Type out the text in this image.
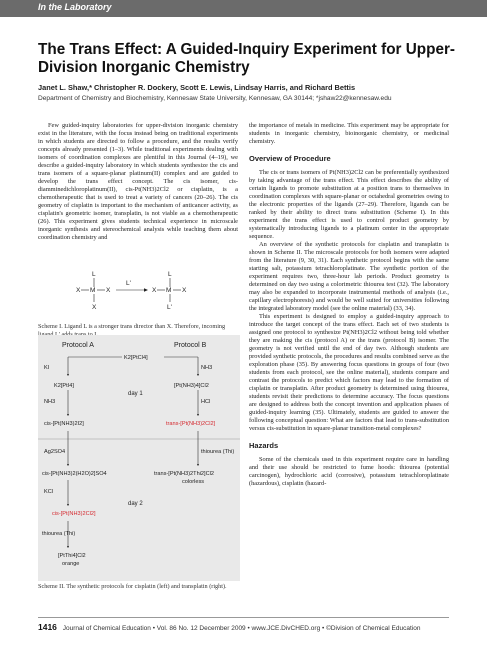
In the Laboratory
The Trans Effect: A Guided-Inquiry Experiment for Upper-Division Inorganic Chemistry
Janet L. Shaw,* Christopher R. Dockery, Scott E. Lewis, Lindsay Harris, and Richard Bettis
Department of Chemistry and Biochemistry, Kennesaw State University, Kennesaw, GA 30144; *jshaw22@kennesaw.edu

Few guided-inquiry laboratories for upper-division inorganic chemistry exist in the literature, with the focus instead being on traditional experiments in which students are directed to follow a procedure, and the results verify concepts already presented (1–3). While traditional experiments dealing with isomers of coordination complexes are plentiful in this Journal (4–19), we describe a guided-inquiry laboratory in which students synthesize the cis and trans isomers of a square-planar platinum(II) complex and are guided to develop the trans effect concept. The cis isomer, cis-diamminedichloroplatinum(II), cis-Pt(NH3)2Cl2 or cisplatin, is a chemotherapeutic that is used to treat a variety of cancers (20–26). The cis geometry of cisplatin is important to the mechanism of anticancer activity, as cisplatin's geometric isomer, transplatin, is not viable as a chemotherapeutic (26). This experiment gives students technical experience in microscale inorganic synthesis and stereochemical analysis while teaching them about coordination chemistry and

L
X M X
X
L'
L
X M X
L'
Scheme I. Ligand L is a stronger trans director than X. Therefore, incoming ligand L' adds trans to L.
Protocol A	Protocol B
K2[PtCl4]
KI	NH3
K2[PtI4]
day 1
[Pt(NH3)4]Cl2
NH3	HCl
cis-[Pt(NH3)2I2]	trans-[Pt(NH3)2Cl2]
Ag2SO4	thiourea (Thi)
cis-[Pt(NH3)2(H2O)2]SO4	trans-[Pt(NH3)2Thi2]Cl2
colorless
KCl
day 2
cis-[Pt(NH3)2Cl2]
thiourea (Thi)
[PtThi4]Cl2
orange
Scheme II. The synthetic protocols for cisplatin (left) and transplatin (right).

the importance of metals in medicine. This experiment may be appropriate for students in inorganic chemistry, bioinorganic chemistry, or medicinal chemistry.

Overview of Procedure

The cis or trans isomers of Pt(NH3)2Cl2 can be preferentially synthesized by taking advantage of the trans effect. This effect describes the ability of certain ligands to promote substitution at a position trans to themselves in coordination complexes with square-planar or octahedral geometries owing to the electronic properties of the ligands (27–29). Therefore, ligands can be ranked by their ability to direct trans substitution (Scheme I). In this experiment the trans effect is used to control product geometry by systematically introducing ligands to a platinum center in the appropriate sequence.

An overview of the synthetic protocols for cisplatin and transplatin is shown in Scheme II. The microscale protocols for both isomers were adapted from the literature (9, 30, 31). Each synthetic protocol begins with the same starting salt, potassium tetrachloroplatinate. The synthetic portion of the experiment requires two, three-hour lab periods. Product geometry is determined on day two using a colorimetric thiourea test (32). The laboratory may also be expanded to incorporate instrumental methods of analysis (i.e., capillary electrophoresis) and would be well suited for universities following the integrated laboratory model (see the online material) (33, 34).

This experiment is designed to employ a guided-inquiry approach to introduce the target concept of the trans effect. Each set of two students is assigned one protocol to synthesize Pt(NH3)2Cl2 without being told whether they are making the cis (protocol A) or the trans (protocol B) isomer. The geometry is not verified until the end of day two. Although students are provided synthetic protocols, the procedures and results combined serve as the exploration phase (35). By answering focus questions in groups of four (two students from each protocol, see the online material), students compare and contrast the protocols to predict which factors may lead to the formation of cisplatin or transplatin. After product geometry is determined using thiourea, students revisit their predictions to determine accuracy. The focus questions are designed to address both the concept invention and application phases of guided-inquiry learning (35). Ultimately, students are guided to answer the following conceptual question: What are factors that lead to trans-substitution versus cis-substitution in square-planar transition-metal complexes?

Hazards

Some of the chemicals used in this experiment require care in handling and their use should be restricted to fume hoods: thiourea (potential carcinogen), hydrochloric acid (corrosive), potassium tetrachloroplatinate (hazardous), cisplatin (hazard-

1416 Journal of Chemical Education • Vol. 86 No. 12 December 2009 • www.JCE.DivCHED.org • ©Division of Chemical Education
